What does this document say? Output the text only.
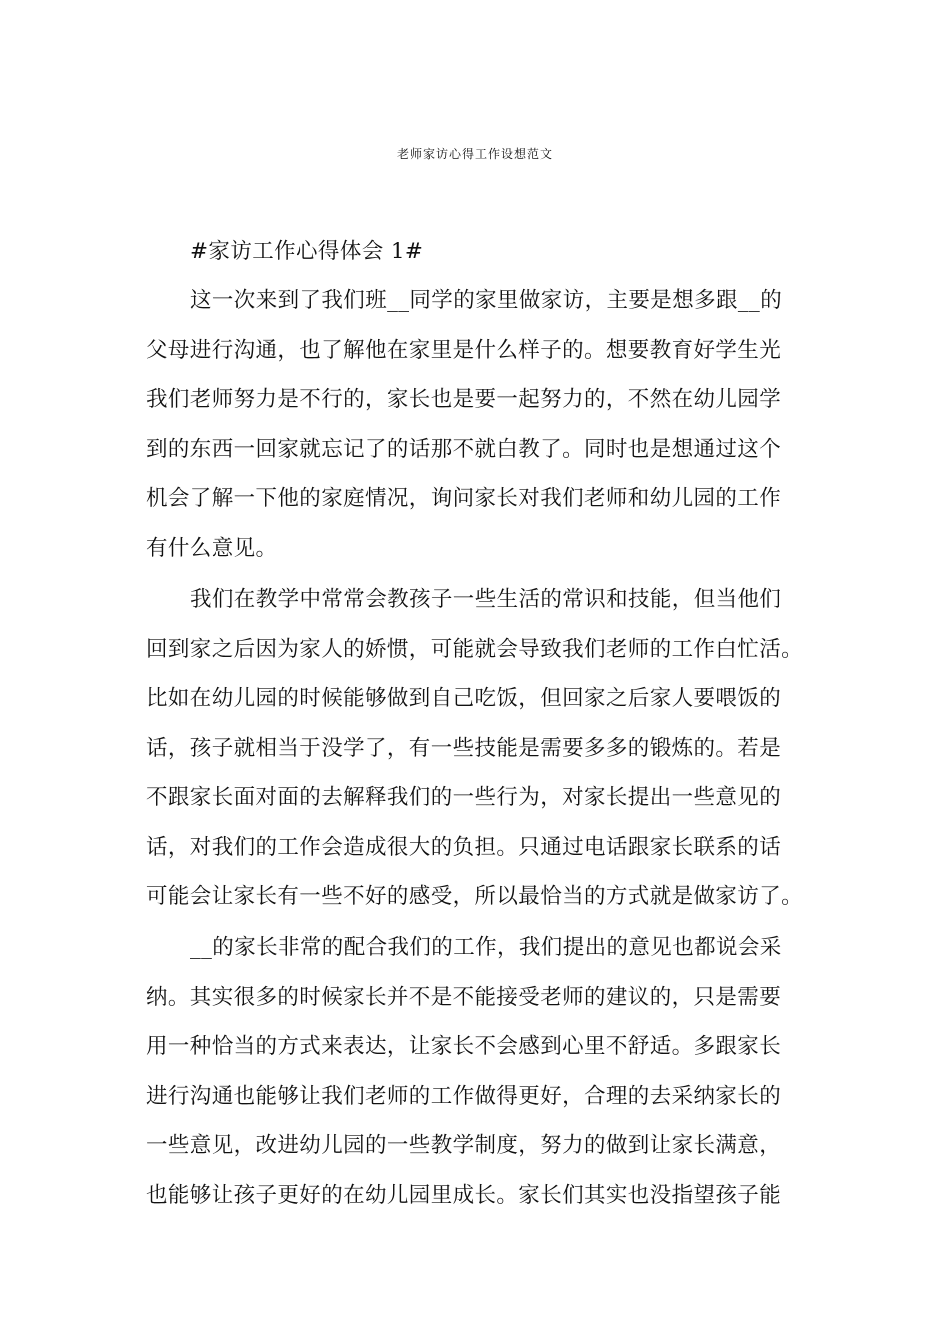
老师家访心得工作设想范文
#家访工作心得体会 1#
这一次来到了我们班__同学的家里做家访，主要是想多跟__的
父母进行沟通，也了解他在家里是什么样子的。想要教育好学生光
我们老师努力是不行的，家长也是要一起努力的，不然在幼儿园学
到的东西一回家就忘记了的话那不就白教了。同时也是想通过这个
机会了解一下他的家庭情况，询问家长对我们老师和幼儿园的工作
有什么意见。
我们在教学中常常会教孩子一些生活的常识和技能，但当他们
回到家之后因为家人的娇惯，可能就会导致我们老师的工作白忙活。
比如在幼儿园的时候能够做到自己吃饭，但回家之后家人要喂饭的
话，孩子就相当于没学了，有一些技能是需要多多的锻炼的。若是
不跟家长面对面的去解释我们的一些行为，对家长提出一些意见的
话，对我们的工作会造成很大的负担。只通过电话跟家长联系的话
可能会让家长有一些不好的感受，所以最恰当的方式就是做家访了。
__的家长非常的配合我们的工作，我们提出的意见也都说会采
纳。其实很多的时候家长并不是不能接受老师的建议的，只是需要
用一种恰当的方式来表达，让家长不会感到心里不舒适。多跟家长
进行沟通也能够让我们老师的工作做得更好，合理的去采纳家长的
一些意见，改进幼儿园的一些教学制度，努力的做到让家长满意，
也能够让孩子更好的在幼儿园里成长。家长们其实也没指望孩子能
